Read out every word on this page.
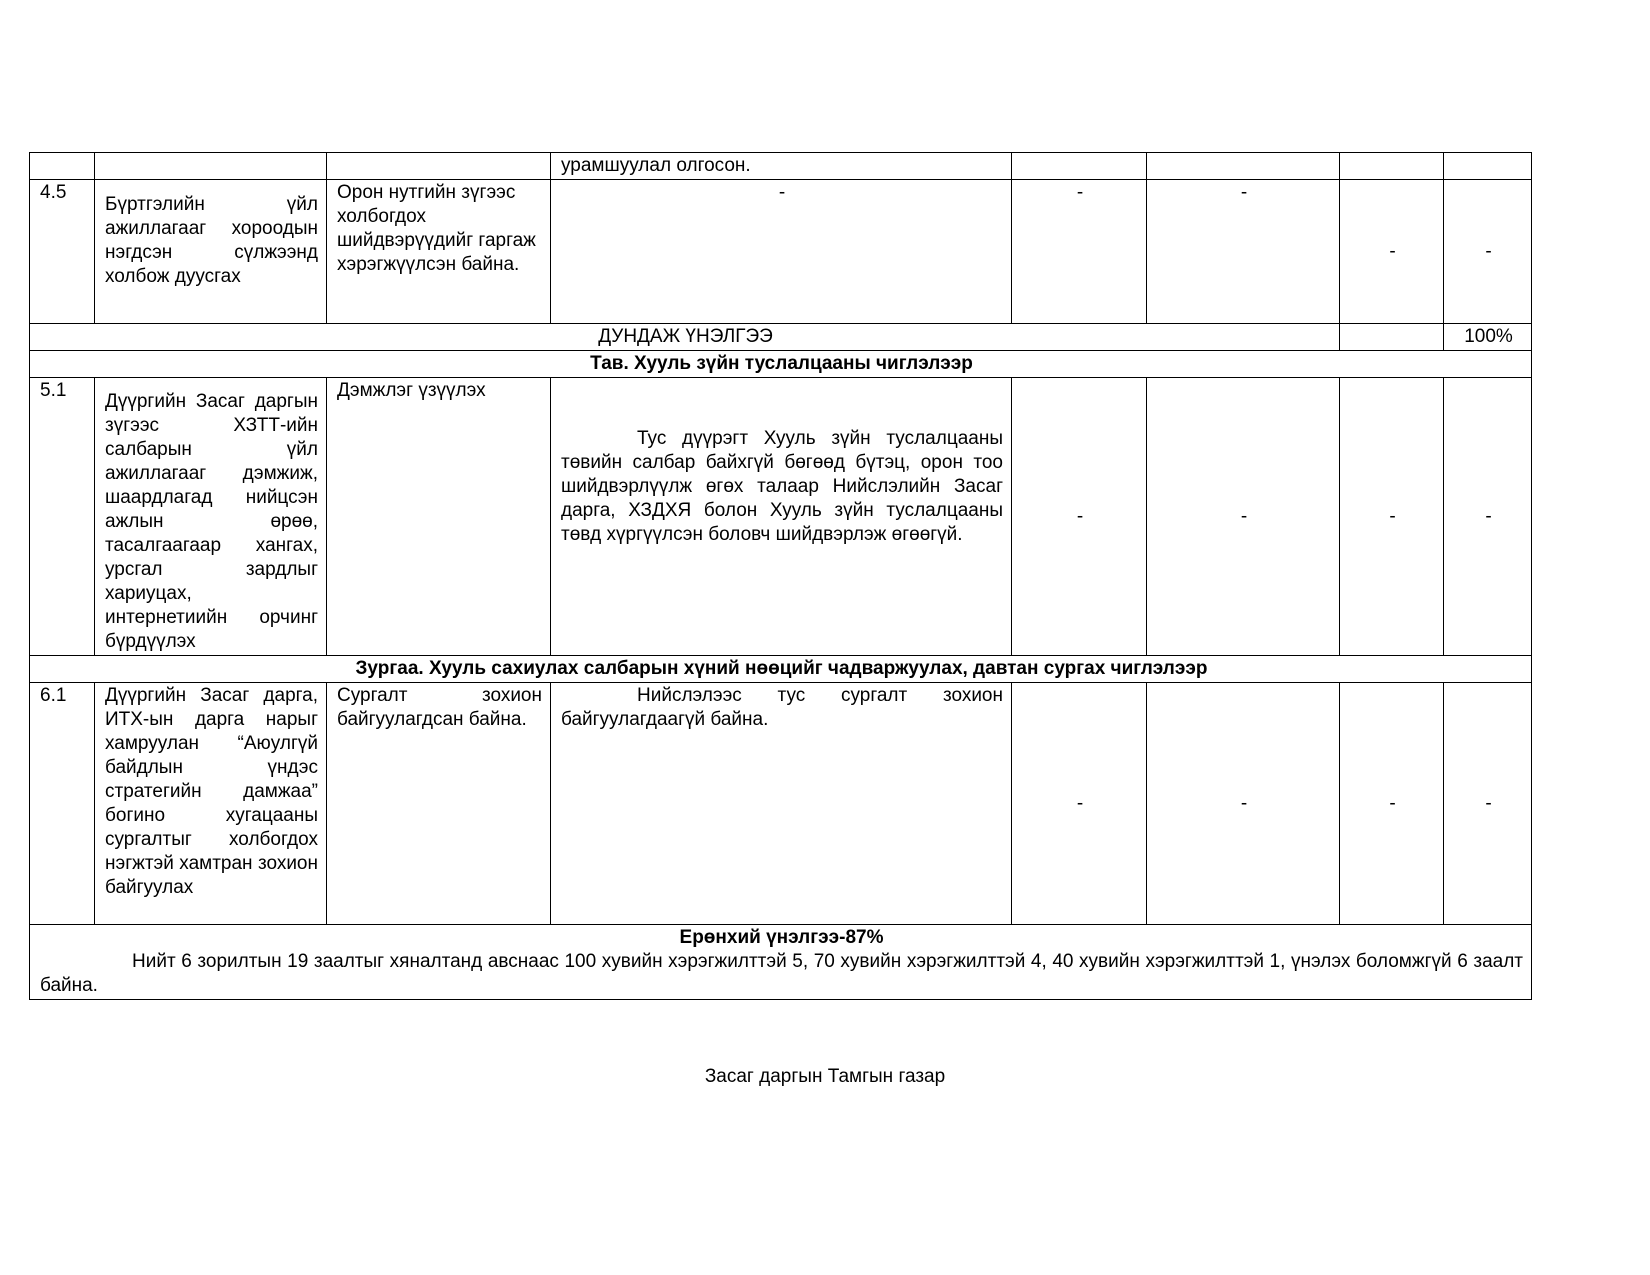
			урамшуулал олгосон.				
4.5	Бүртгэлийн үйл ажиллагааг хороодын нэгдсэн сүлжээнд холбож дуусгах	Орон нутгийн зүгээс холбогдох шийдвэрүүдийг гаргаж хэрэгжүүлсэн байна.	-	-	-	-	-
ДУНДАЖ ҮНЭЛГЭЭ							100%
Тав. Хууль зүйн туслалцааны чиглэлээр							
5.1	Дүүргийн Засаг даргын зүгээс ХЗТТ-ийн салбарын үйл ажиллагааг дэмжиж, шаардлагад нийцсэн ажлын өрөө, тасалгаагаар хангах, урсгал зардлыг хариуцах, интернетиийн орчинг бүрдүүлэх	Дэмжлэг үзүүлэх	Тус дүүрэгт Хууль зүйн туслалцааны төвийн салбар байхгүй бөгөөд бүтэц, орон тоо шийдвэрлүүлж өгөх талаар Нийслэлийн Засаг дарга, ХЗДХЯ болон Хууль зүйн туслалцааны төвд хүргүүлсэн боловч шийдвэрлэж өгөөгүй.	-	-	-	-
Зургаа. Хууль сахиулах салбарын хүний нөөцийг чадваржуулах, давтан сургах чиглэлээр							
6.1	Дүүргийн Засаг дарга, ИТХ-ын дарга нарыг хамруулан “Аюулгүй байдлын үндэс стратегийн дамжаа” богино хугацааны сургалтыг холбогдох нэгжтэй хамтран зохион байгуулах	Сургалт зохион байгуулагдсан байна.	Нийслэлээс тус сургалт зохион байгуулагдаагүй байна.	-	-	-	-

Ерөнхий үнэлгээ-87%

Нийт 6 зорилтын 19 заалтыг хяналтанд авснаас 100 хувийн хэрэгжилттэй 5, 70 хувийн хэрэгжилттэй 4, 40 хувийн хэрэгжилттэй 1, үнэлэх боломжгүй 6 заалт байна.							

Засаг даргын Тамгын газар
